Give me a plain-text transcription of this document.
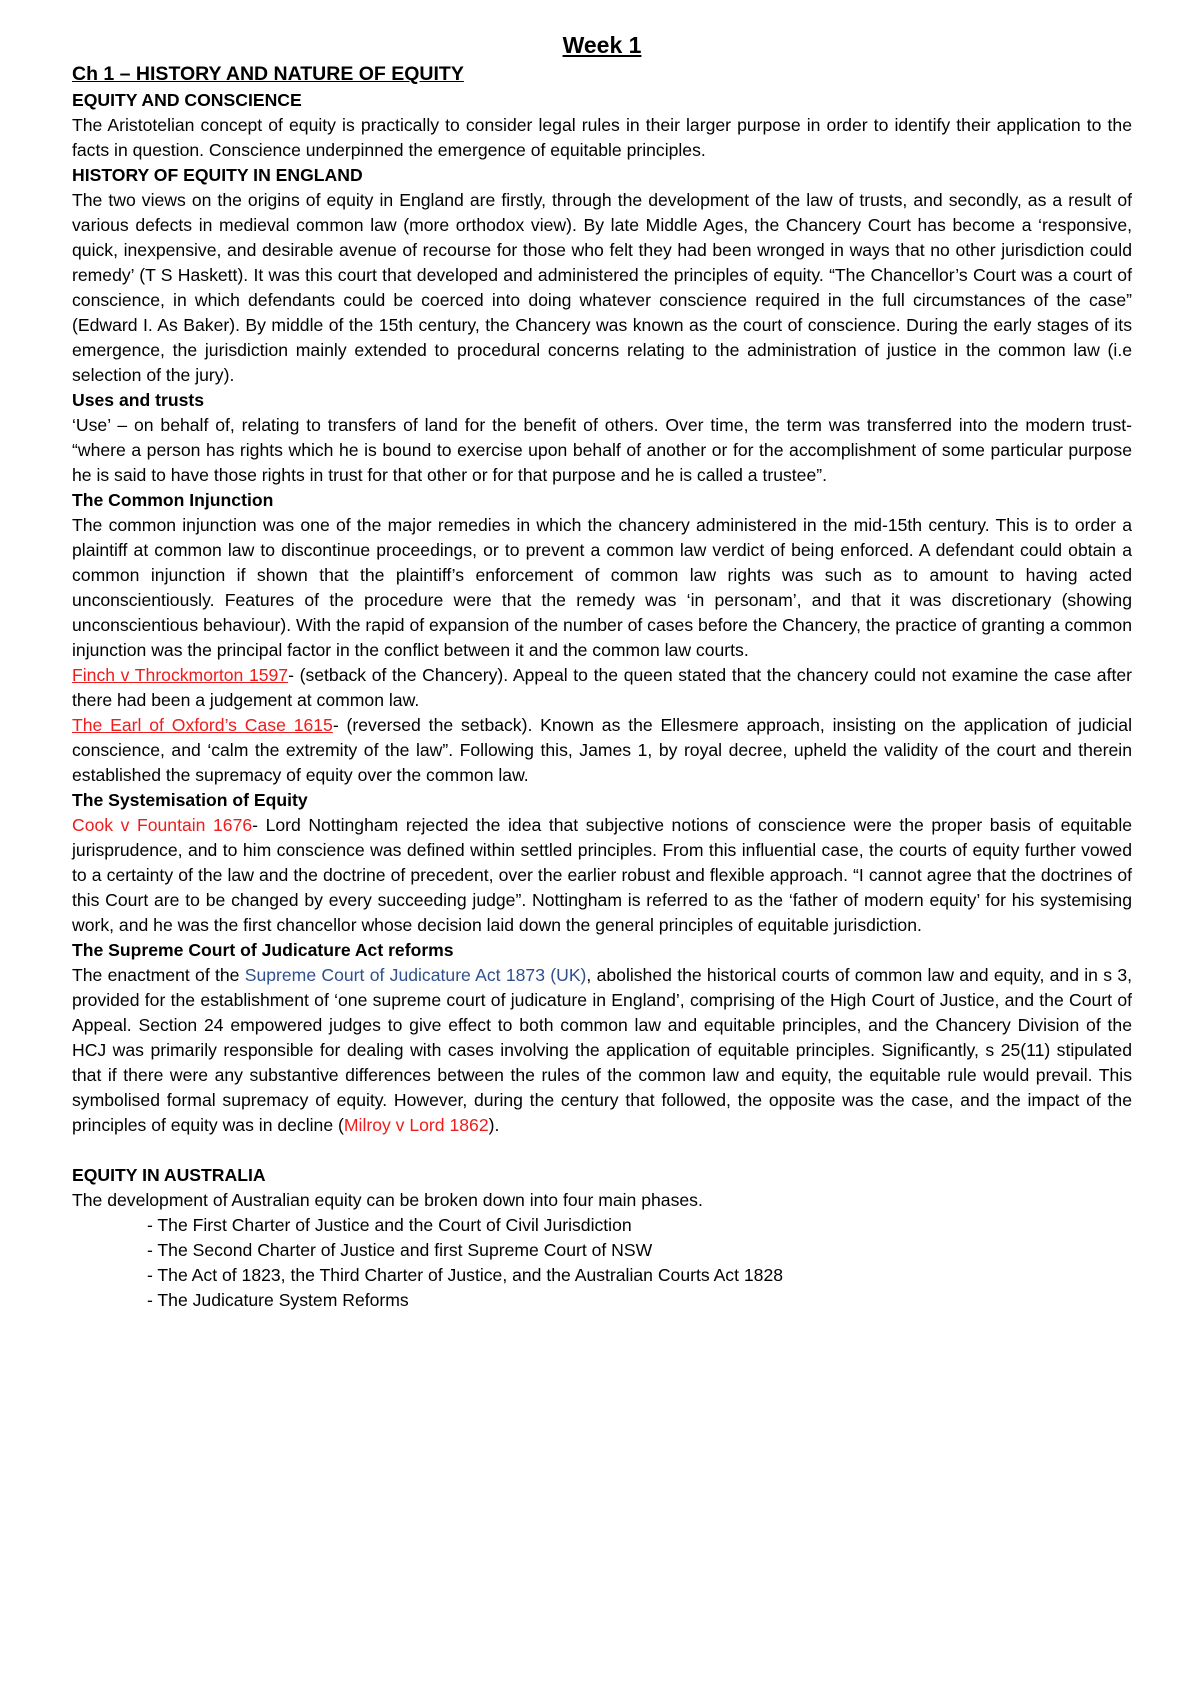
Week 1
Ch 1 – HISTORY AND NATURE OF EQUITY
EQUITY AND CONSCIENCE

The Aristotelian concept of equity is practically to consider legal rules in their larger purpose in order to identify their application to the facts in question. Conscience underpinned the emergence of equitable principles.

HISTORY OF EQUITY IN ENGLAND

The two views on the origins of equity in England are firstly, through the development of the law of trusts, and secondly, as a result of various defects in medieval common law (more orthodox view). By late Middle Ages, the Chancery Court has become a ‘responsive, quick, inexpensive, and desirable avenue of recourse for those who felt they had been wronged in ways that no other jurisdiction could remedy’ (T S Haskett). It was this court that developed and administered the principles of equity. “The Chancellor’s Court was a court of conscience, in which defendants could be coerced into doing whatever conscience required in the full circumstances of the case” (Edward I. As Baker). By middle of the 15th century, the Chancery was known as the court of conscience. During the early stages of its emergence, the jurisdiction mainly extended to procedural concerns relating to the administration of justice in the common law (i.e selection of the jury).

Uses and trusts

‘Use’ – on behalf of, relating to transfers of land for the benefit of others. Over time, the term was transferred into the modern trust- “where a person has rights which he is bound to exercise upon behalf of another or for the accomplishment of some particular purpose he is said to have those rights in trust for that other or for that purpose and he is called a trustee”.

The Common Injunction

The common injunction was one of the major remedies in which the chancery administered in the mid-15th century. This is to order a plaintiff at common law to discontinue proceedings, or to prevent a common law verdict of being enforced. A defendant could obtain a common injunction if shown that the plaintiff’s enforcement of common law rights was such as to amount to having acted unconscientiously. Features of the procedure were that the remedy was ‘in personam’, and that it was discretionary (showing unconscientious behaviour). With the rapid of expansion of the number of cases before the Chancery, the practice of granting a common injunction was the principal factor in the conflict between it and the common law courts.

Finch v Throckmorton 1597- (setback of the Chancery). Appeal to the queen stated that the chancery could not examine the case after there had been a judgement at common law.

The Earl of Oxford’s Case 1615- (reversed the setback). Known as the Ellesmere approach, insisting on the application of judicial conscience, and ‘calm the extremity of the law”. Following this, James 1, by royal decree, upheld the validity of the court and therein established the supremacy of equity over the common law.

The Systemisation of Equity

Cook v Fountain 1676- Lord Nottingham rejected the idea that subjective notions of conscience were the proper basis of equitable jurisprudence, and to him conscience was defined within settled principles. From this influential case, the courts of equity further vowed to a certainty of the law and the doctrine of precedent, over the earlier robust and flexible approach. “I cannot agree that the doctrines of this Court are to be changed by every succeeding judge”. Nottingham is referred to as the ‘father of modern equity’ for his systemising work, and he was the first chancellor whose decision laid down the general principles of equitable jurisdiction.

The Supreme Court of Judicature Act reforms

The enactment of the Supreme Court of Judicature Act 1873 (UK), abolished the historical courts of common law and equity, and in s 3, provided for the establishment of ‘one supreme court of judicature in England’, comprising of the High Court of Justice, and the Court of Appeal. Section 24 empowered judges to give effect to both common law and equitable principles, and the Chancery Division of the HCJ was primarily responsible for dealing with cases involving the application of equitable principles. Significantly, s 25(11) stipulated that if there were any substantive differences between the rules of the common law and equity, the equitable rule would prevail. This symbolised formal supremacy of equity. However, during the century that followed, the opposite was the case, and the impact of the principles of equity was in decline (Milroy v Lord 1862).

EQUITY IN AUSTRALIA

The development of Australian equity can be broken down into four main phases.

- The First Charter of Justice and the Court of Civil Jurisdiction
- The Second Charter of Justice and first Supreme Court of NSW
- The Act of 1823, the Third Charter of Justice, and the Australian Courts Act 1828
- The Judicature System Reforms
